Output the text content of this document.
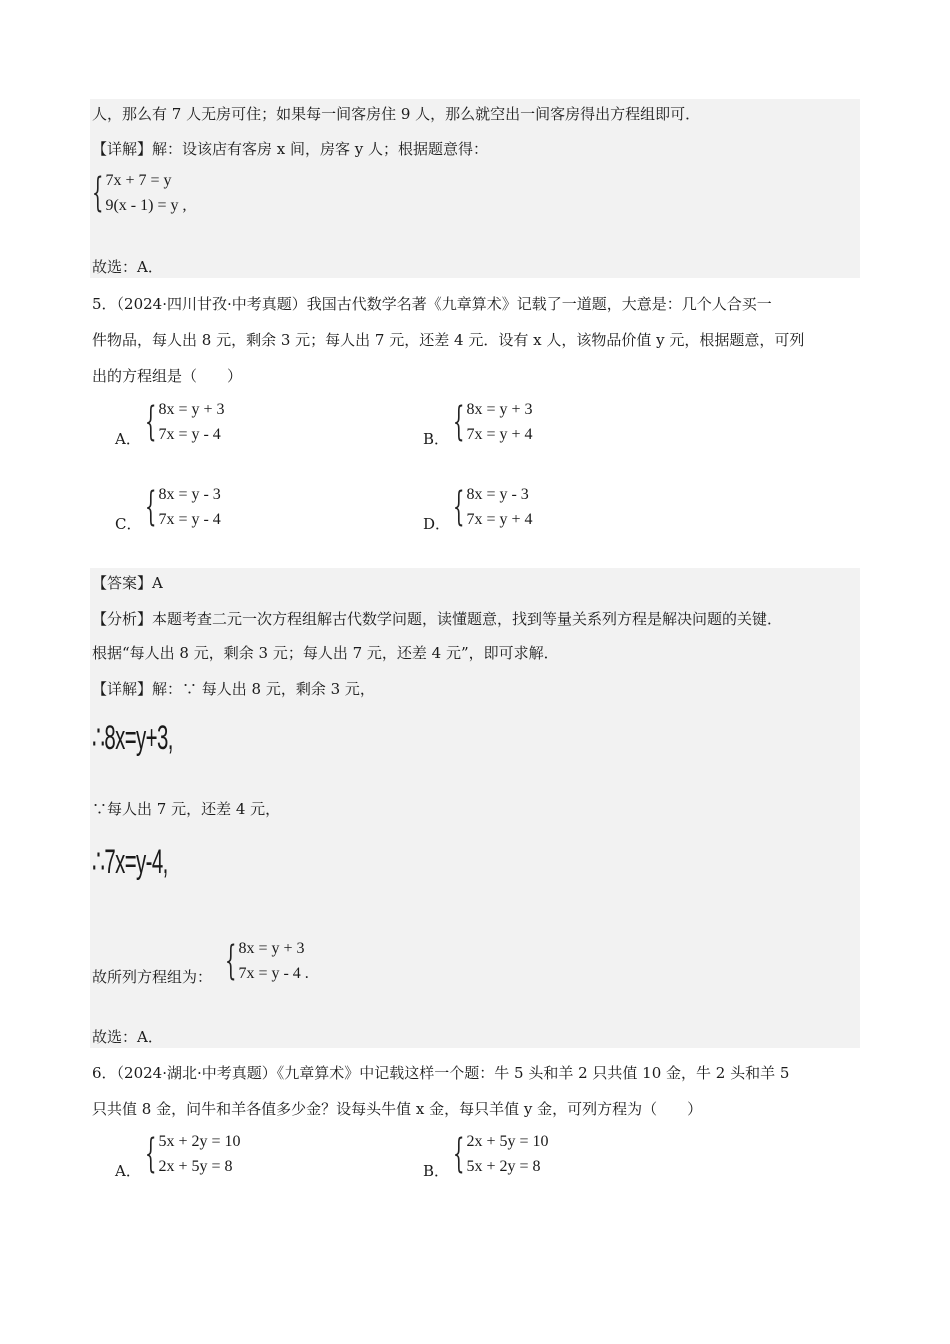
人，那么有 7 人无房可住；如果每一间客房住 9 人，那么就空出一间客房得出方程组即可．
【详解】解：设该店有客房 x 间，房客 y 人；根据题意得：
{ 7x + 7 = y
9(x - 1) = y ,
故选：A．
5．（2024·四川甘孜·中考真题）我国古代数学名著《九章算术》记载了一道题，大意是：几个人合买一
件物品，每人出 8 元，剩余 3 元；每人出 7 元，还差 4 元．设有 x 人，该物品价值 y 元，根据题意，可列
出的方程组是（　　）
A． { 8x = y + 3
7x = y - 4	B． { 8x = y + 3
7x = y + 4
C． { 8x = y - 3
7x = y - 4	D． { 8x = y - 3
7x = y + 4
【答案】A
【分析】本题考查二元一次方程组解古代数学问题，读懂题意，找到等量关系列方程是解决问题的关键．
根据“每人出 8 元，剩余 3 元；每人出 7 元，还差 4 元”，即可求解．
【详解】解：∵ 每人出 8 元，剩余 3 元，
∴8x=y+3,
∵每人出 7 元，还差 4 元，
∴7x=y-4,
故所列方程组为： { 8x = y + 3
7x = y - 4 .
故选：A．
6．（2024·湖北·中考真题）《九章算术》中记载这样一个题：牛 5 头和羊 2 只共值 10 金，牛 2 头和羊 5
只共值 8 金，问牛和羊各值多少金？设每头牛值 x 金，每只羊值 y 金，可列方程为（　　）
A． { 5x + 2y = 10
2x + 5y = 8	B． { 2x + 5y = 10
5x + 2y = 8
